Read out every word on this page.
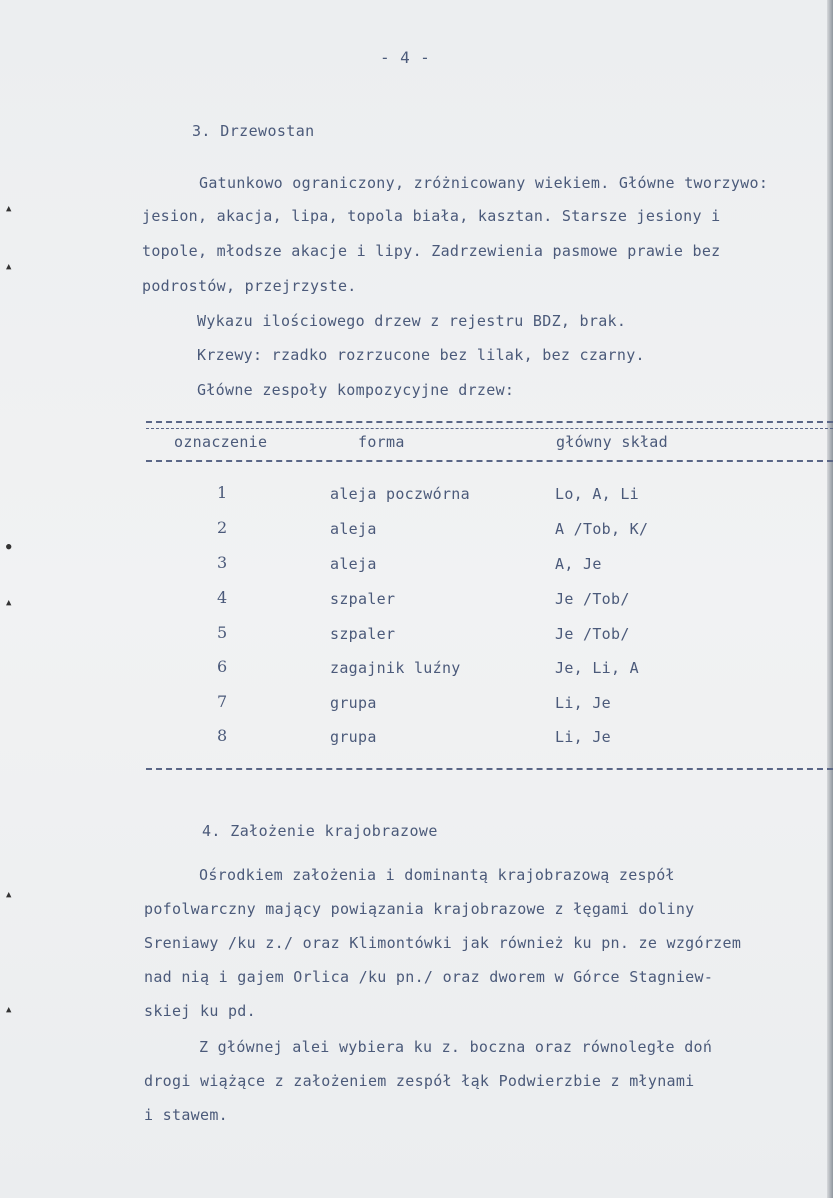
- 4 -
3. Drzewostan
Gatunkowo ograniczony, zróżnicowany wiekiem. Główne tworzywo:
jesion, akacja, lipa, topola biała, kasztan. Starsze jesiony i
topole, młodsze akacje i lipy. Zadrzewienia pasmowe prawie bez
podrostów, przejrzyste.
Wykazu ilościowego drzew z rejestru BDZ, brak.
Krzewy: rzadko rozrzucone bez lilak, bez czarny.
Główne zespoły kompozycyjne drzew:
▲
▲
●
▲
▲
▲
oznaczenie	forma	główny skład
1	aleja poczwórna	Lo, A, Li
2	aleja	A /Tob, K/
3	aleja	A, Je
4	szpaler	Je /Tob/
5	szpaler	Je /Tob/
6	zagajnik luźny	Je, Li, A
7	grupa	Li, Je
8	grupa	Li, Je
4. Założenie krajobrazowe
Ośrodkiem założenia i dominantą krajobrazową zespół
pofolwarczny mający powiązania krajobrazowe z łęgami doliny
Sreniawy /ku z./ oraz Klimontówki jak również ku pn. ze wzgórzem
nad nią i gajem Orlica /ku pn./ oraz dworem w Górce Stagniew-
skiej ku pd.
Z głównej alei wybiera ku z. boczna oraz równoległe doń
drogi wiążące z założeniem zespół łąk Podwierzbie z młynami
i stawem.
